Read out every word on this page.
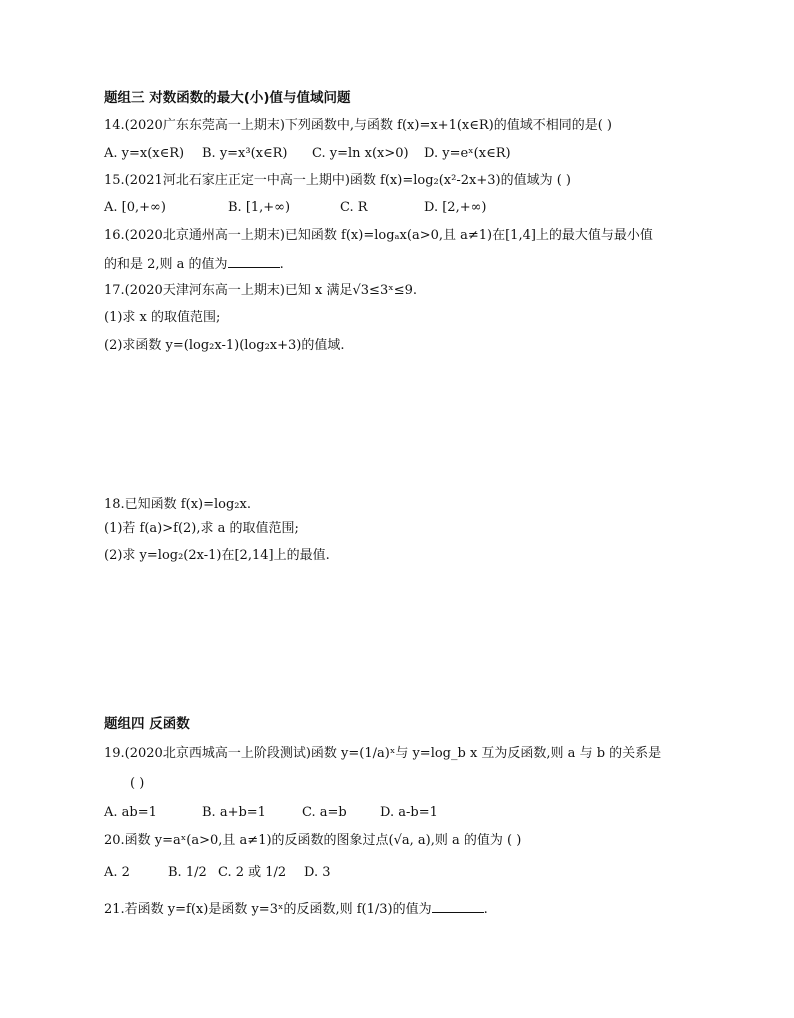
题组三 对数函数的最大(小)值与值域问题
14.(2020广东东莞高一上期末)下列函数中,与函数 f(x)=x+1(x∈R)的值域不相同的是( )
A. y=x(x∈R) B. y=x³(x∈R) C. y=ln x(x>0) D. y=eˣ(x∈R)
15.(2021河北石家庄正定一中高一上期中)函数 f(x)=log₂(x²-2x+3)的值域为 ( )
A. [0,+∞)	B. [1,+∞)	C. R	D. [2,+∞)
16.(2020北京通州高一上期末)已知函数 f(x)=logₐx(a>0,且 a≠1)在[1,4]上的最大值与最小值
的和是 2,则 a 的值为	.
17.(2020天津河东高一上期末)已知 x 满足√3≤3ˣ≤9.
(1)求 x 的取值范围;
(2)求函数 y=(log₂x-1)(log₂x+3)的值域.
18.已知函数 f(x)=log₂x.
(1)若 f(a)>f(2),求 a 的取值范围;
(2)求 y=log₂(2x-1)在[2,14]上的最值.
题组四 反函数
19.(2020北京西城高一上阶段测试)函数 y=(1/a)ˣ与 y=log_b x 互为反函数,则 a 与 b 的关系是
( )
A. ab=1	B. a+b=1	C. a=b	D. a-b=1
20.函数 y=aˣ(a>0,且 a≠1)的反函数的图象过点(√a, a),则 a 的值为 ( )
A. 2	B. 1/2 C. 2 或 1/2 D. 3
21.若函数 y=f(x)是函数 y=3ˣ的反函数,则 f(1/3)的值为	.
